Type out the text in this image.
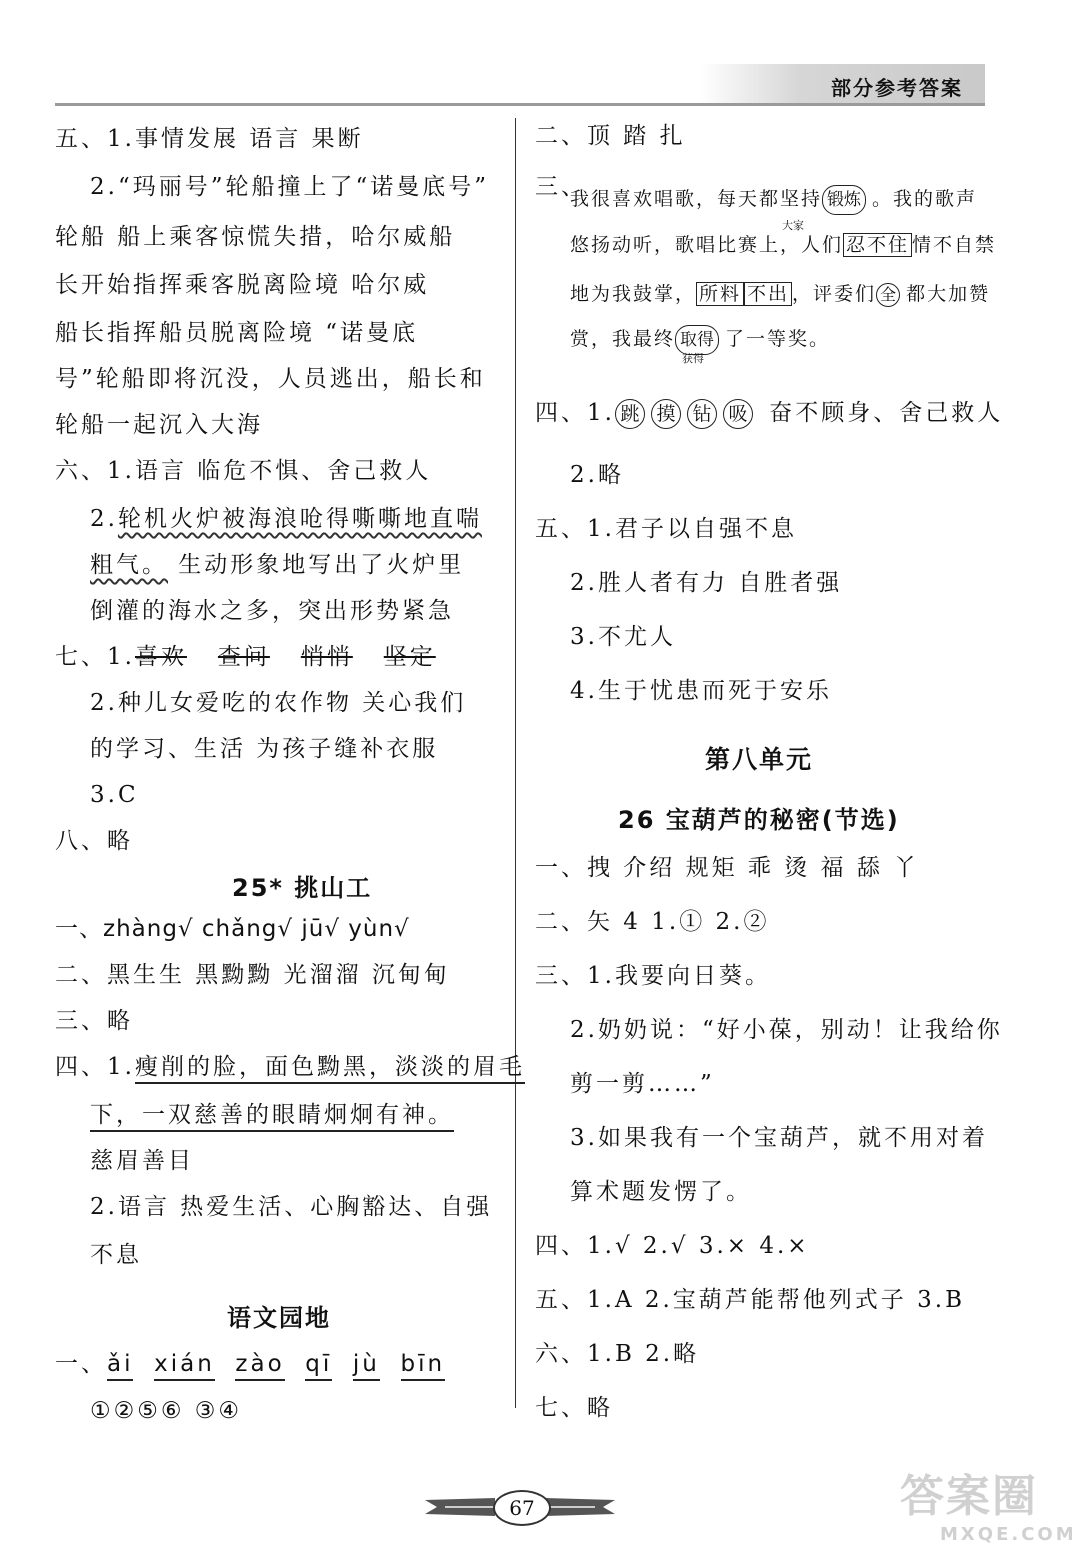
部分参考答案
五、1.事情发展 语言 果断
2.“玛丽号”轮船撞上了“诺曼底号”
轮船 船上乘客惊慌失措，哈尔威船
长开始指挥乘客脱离险境 哈尔威
船长指挥船员脱离险境 “诺曼底
号”轮船即将沉没，人员逃出，船长和
轮船一起沉入大海
六、1.语言 临危不惧、舍己救人
2.轮机火炉被海浪呛得嘶嘶地直喘
粗气。 生动形象地写出了火炉里
倒灌的海水之多，突出形势紧急
七、1.喜欢 查问 悄悄 坚定
2.种儿女爱吃的农作物 关心我们
的学习、生活 为孩子缝补衣服
3.C
八、略
25* 挑山工
一、zhàng√ chǎng√ jū√ yùn√
二、黑生生 黑黝黝 光溜溜 沉甸甸
三、略
四、1.瘦削的脸，面色黝黑，淡淡的眉毛
下，一双慈善的眼睛炯炯有神。
慈眉善目
2.语言 热爱生活、心胸豁达、自强
不息
二、顶 踏 扎
三、
我很喜欢唱歌，每天都坚持 锻炼 。我的歌声
大家
悠扬动听，歌唱比赛上，人们 忍不住 情不自禁
地为我鼓掌， 所料 不出 ，评委们 全 都大加赞
赏，我最终 取得 了一等奖。
获得
四、1. 跳 摸 钻 吸 奋不顾身、舍己救人
2.略
五、1.君子以自强不息
2.胜人者有力 自胜者强
3.不尤人
4.生于忧患而死于安乐
第八单元
26 宝葫芦的秘密(节选)
一、拽 介绍 规矩 乖 烫 福 舔 丫
二、矢 4 1.① 2.②
三、1.我要向日葵。
2.奶奶说：“好小葆，别动！让我给你
剪一剪……”
3.如果我有一个宝葫芦，就不用对着
算术题发愣了。
四、1.√ 2.√ 3.× 4.×
五、1.A 2.宝葫芦能帮他列式子 3.B
六、1.B 2.略
七、略
67	答案圈
MXQE.COM
语文园地
一、ǎi xián zào qī jù bīn
①②⑤⑥ ③④
